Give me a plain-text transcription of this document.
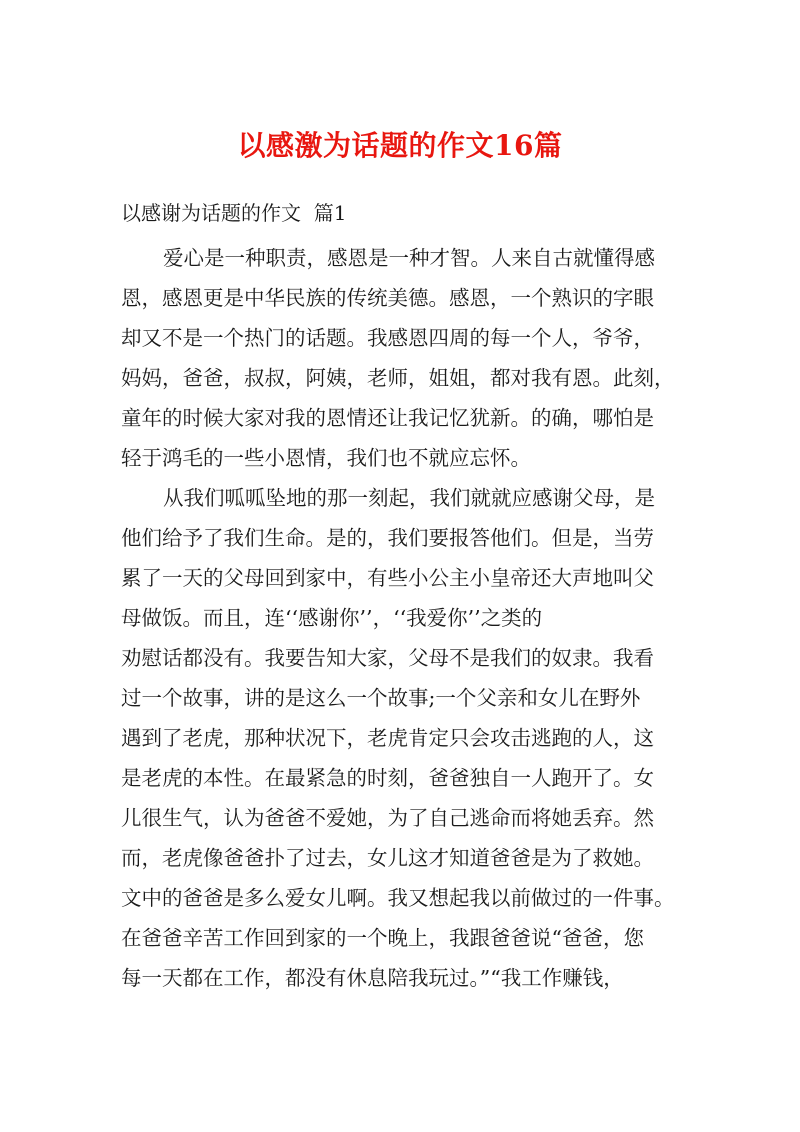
以感激为话题的作文16篇
以感谢为话题的作文  篇1
爱心是一种职责，感恩是一种才智。人来自古就懂得感
恩，感恩更是中华民族的传统美德。感恩，一个熟识的字眼
却又不是一个热门的话题。我感恩四周的每一个人，爷爷，
妈妈，爸爸，叔叔，阿姨，老师，姐姐，都对我有恩。此刻，
童年的时候大家对我的恩情还让我记忆犹新。的确，哪怕是
轻于鸿毛的一些小恩情，我们也不就应忘怀。
从我们呱呱坠地的那一刻起，我们就就应感谢父母，是
他们给予了我们生命。是的，我们要报答他们。但是，当劳
累了一天的父母回到家中，有些小公主小皇帝还大声地叫父
母做饭。而且，连‘‘感谢你’’，‘‘我爱你’’之类的
劝慰话都没有。我要告知大家，父母不是我们的奴隶。我看
过一个故事，讲的是这么一个故事;一个父亲和女儿在野外
遇到了老虎，那种状况下，老虎肯定只会攻击逃跑的人，这
是老虎的本性。在最紧急的时刻，爸爸独自一人跑开了。女
儿很生气，认为爸爸不爱她，为了自己逃命而将她丢弃。然
而，老虎像爸爸扑了过去，女儿这才知道爸爸是为了救她。
文中的爸爸是多么爱女儿啊。我又想起我以前做过的一件事。
在爸爸辛苦工作回到家的一个晚上，我跟爸爸说“爸爸，您
每一天都在工作，都没有休息陪我玩过。”“我工作赚钱，
